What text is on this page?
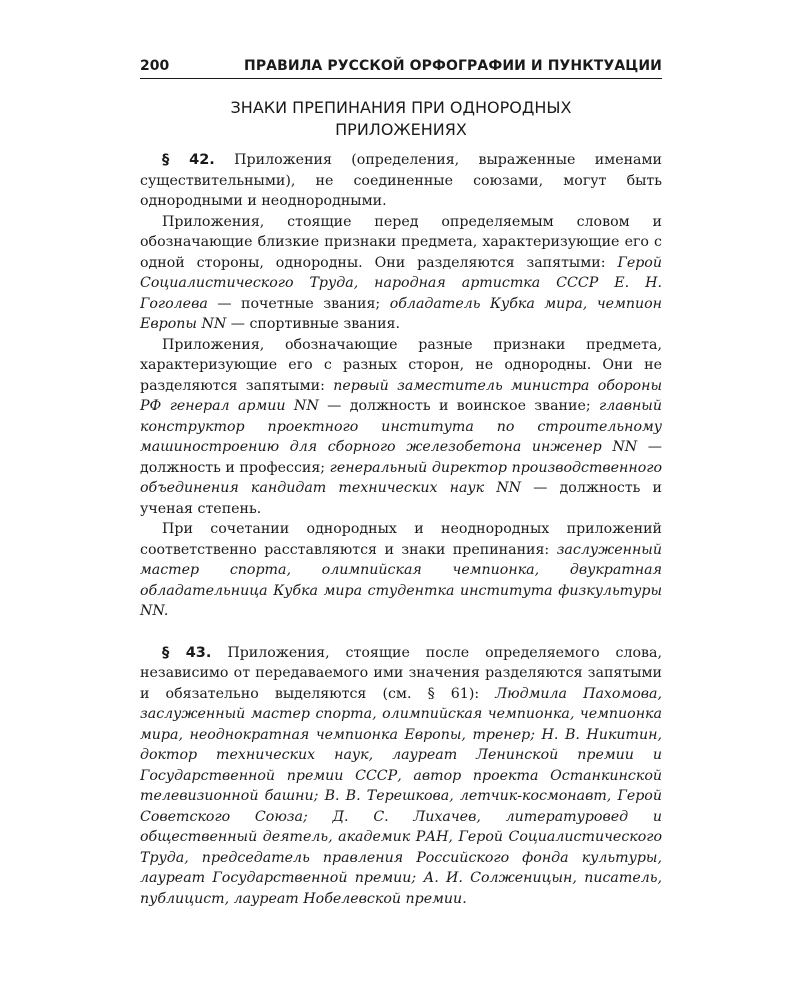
200	ПРАВИЛА РУССКОЙ ОРФОГРАФИИ И ПУНКТУАЦИИ
ЗНАКИ ПРЕПИНАНИЯ ПРИ ОДНОРОДНЫХ
ПРИЛОЖЕНИЯХ

§ 42. Приложения (определения, выраженные именами существительными), не соединенные союзами, могут быть однородными и неоднородными.

Приложения, стоящие перед определяемым словом и обозначающие близкие признаки предмета, характеризующие его с одной стороны, однородны. Они разделяются запятыми: Герой Социалистического Труда, народная артистка СССР Е. Н. Гоголева — почетные звания; обладатель Кубка мира, чемпион Европы NN — спортивные звания.

Приложения, обозначающие разные признаки предмета, характеризующие его с разных сторон, не однородны. Они не разделяются запятыми: первый заместитель министра обороны РФ генерал армии NN — должность и воинское звание; главный конструктор проектного института по строительному машиностроению для сборного железобетона инженер NN — должность и профессия; генеральный директор производственного объединения кандидат технических наук NN — должность и ученая степень.

При сочетании однородных и неоднородных приложений соответственно расставляются и знаки препинания: заслуженный мастер спорта, олимпийская чемпионка, двукратная обладательница Кубка мира студентка института физкультуры NN.

§ 43. Приложения, стоящие после определяемого слова, независимо от передаваемого ими значения разделяются запятыми и обязательно выделяются (см. § 61): Людмила Пахомова, заслуженный мастер спорта, олимпийская чемпионка, чемпионка мира, неоднократная чемпионка Европы, тренер; Н. В. Никитин, доктор технических наук, лауреат Ленинской премии и Государственной премии СССР, автор проекта Останкинской телевизионной башни; В. В. Терешкова, летчик-космонавт, Герой Советского Союза; Д. С. Лихачев, литературовед и общественный деятель, академик РАН, Герой Социалистического Труда, председатель правления Российского фонда культуры, лауреат Государственной премии; А. И. Солженицын, писатель, публицист, лауреат Нобелевской премии.
